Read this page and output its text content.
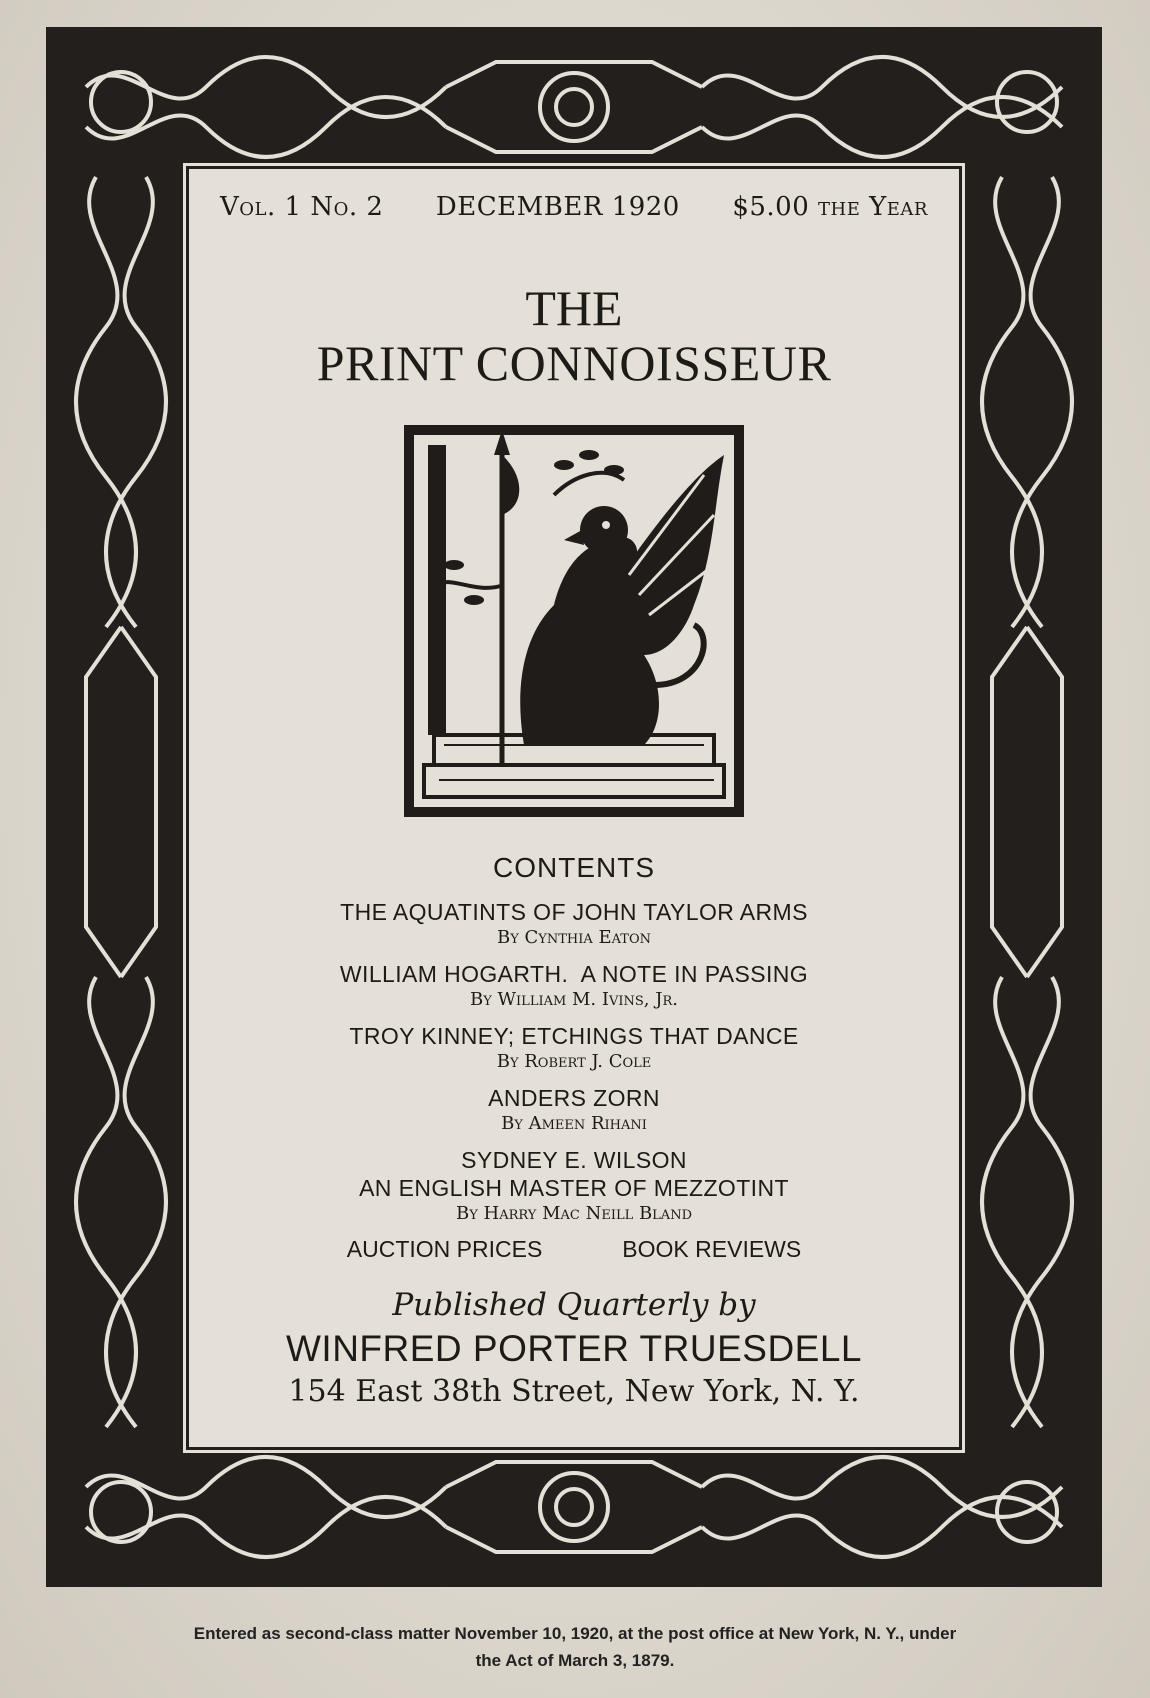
Vol. 1 No. 2 DECEMBER 1920 $5.00 the Year
THE
PRINT CONNOISSEUR
CONTENTS
THE AQUATINTS OF JOHN TAYLOR ARMS
By Cynthia Eaton
WILLIAM HOGARTH.  A NOTE IN PASSING
By William M. Ivins, Jr.
TROY KINNEY; ETCHINGS THAT DANCE
By Robert J. Cole
ANDERS ZORN
By Ameen Rihani
SYDNEY E. WILSON
AN ENGLISH MASTER OF MEZZOTINT
By Harry Mac Neill Bland
AUCTION PRICES	BOOK REVIEWS
Published Quarterly by
WINFRED PORTER TRUESDELL
154 East 38th Street, New York, N. Y.
Entered as second-class matter November 10, 1920, at the post office at New York, N. Y., under
the Act of March 3, 1879.
